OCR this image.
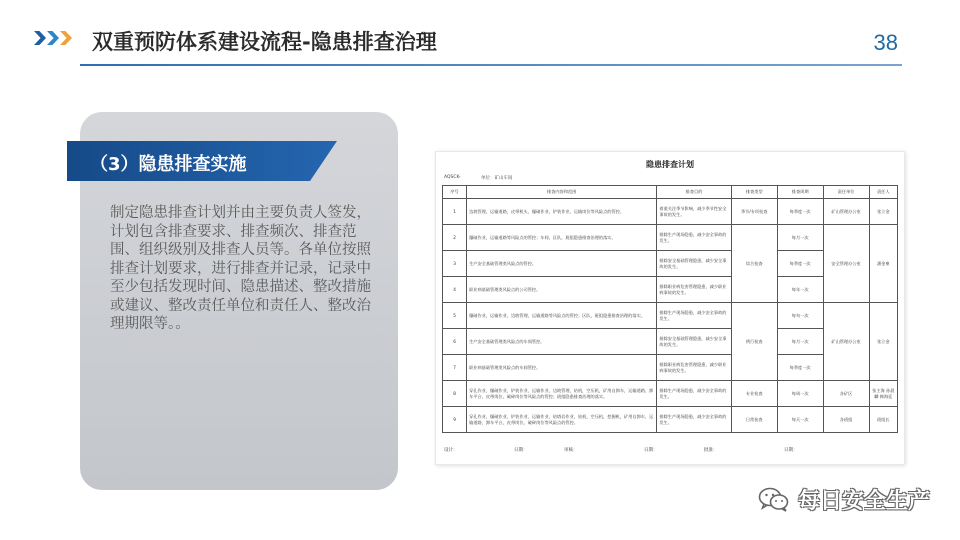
双重预防体系建设流程-隐患排查治理	38
（3）隐患排查实施
制定隐患排查计划并由主要负责人签发，计划包含排查要求、排查频次、排查范围、组织级别及排查人员等。各单位按照排查计划要求，进行排查并记录，记录中至少包括发现时间、隐患描述、整改措施或建议、整改责任单位和责任人、整改治理期限等。。
隐患排查计划
AQSCK-	单位：矿山车间
序号	排查内容和范围	排查目的	排查类型	排查周期	责任单位	责任人
1	边坡管理，运输道路，皮带机头，爆破作业，铲装作业，运输岗位等风险点的管控。	着重关注季节影响，减少季节性安全事故的发生。	季节/专项检查	每季度一次	矿山管理办公室	张立金
2	爆破作业，运输道路等风险点的管控；车间，区队，班组隐患排查治理的落实。	排除生产现场隐患，减少安全事故的发生。	综合检查	每月一次	安全管理办公室	潘金柬
3	生产安全基础管理类风险点的管控。	排除安全基础管理隐患，减少安全事故的发生。		每季度一次		
4	职业病基础管理类风险点的公司管控。	排除职业病危害管理隐患，减少职业病事故的发生。		每年一次		
5	爆破作业，运输作业，边坡管理，运输道路等风险点的管控；区队，班组隐患排查治理的落实。	排除生产现场隐患，减少安全事故的发生。	例行检查	每旬一次	矿山管理办公室	张立金
6	生产安全基础管理类风险点的车间管控。	排除安全基础管理隐患，减少安全事故的发生。		每月一次		
7	职业病基础管理类风险点的车间管控。	排除职业病危害管理隐患，减少职业病事故的发生。		每季度一次		
8	穿孔作业，爆破作业，铲装作业，运输作业，边坡管理，钻机，空压机，矿用自卸车，运输道路，卸车平台，皮带岗位，破碎岗位等风险点的管控；班组隐患排查治理的落实。	排除生产现场隐患，减少安全事故的发生。	专业检查	每周一次	各矿区	张主海 孙晨麟 韩海廷
9	穿孔作业，爆破作业，铲装作业，运输作业，钻塔岩作业，钻机，空压机，挖掘机，矿用自卸车，运输道路，卸车平台，皮带岗位，破碎岗位等风险点的管控。	排除生产现场隐患，减少安全事故的发生。	日常检查	每天一次	各班组	班组长
设计：	日期：	审核：	日期：	批准：	日期：
每日安全生产
